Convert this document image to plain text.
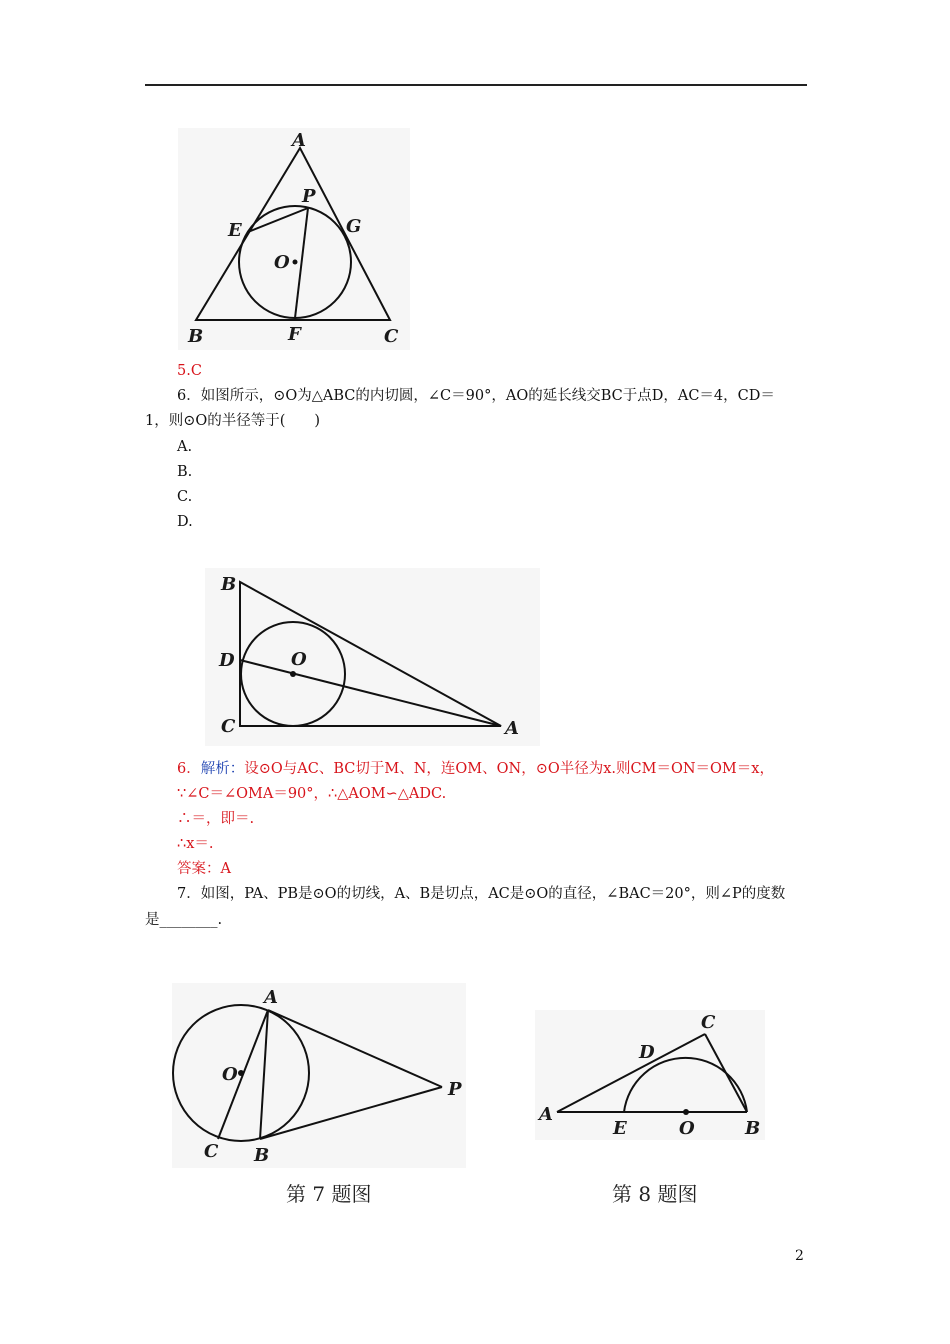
A
P
E	G
O
B	F	C
5.C
6．如图所示，⊙O为△ABC的内切圆，∠C＝90°，AO的延长线交BC于点D，AC＝4，CD＝
1，则⊙O的半径等于(　　)
A.
B.
C.
D.
B
D	O
C	A
6．解析：设⊙O与AC、BC切于M、N，连OM、ON，⊙O半径为x.则CM＝ON＝OM＝x，
∵∠C＝∠OMA＝90°，∴△AOM∽△ADC.
∴＝，即＝.
∴x＝.
答案：A
7．如图，PA、PB是⊙O的切线，A、B是切点，AC是⊙O的直径，∠BAC＝20°，则∠P的度数
是________.
A
O
P
C B
第 7 题图
C
D
A
E	O	B
第 8 题图
2
